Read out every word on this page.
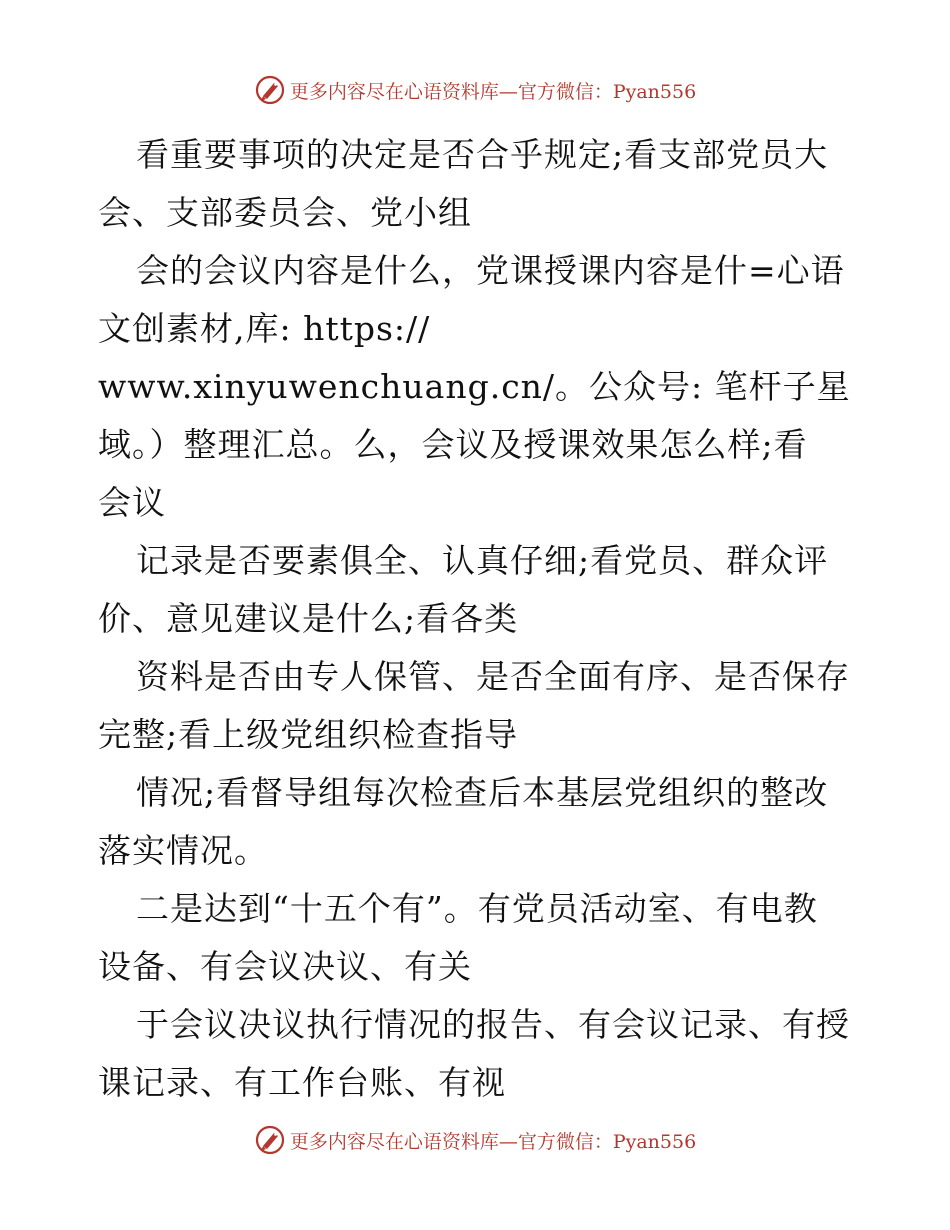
更多内容尽在心语资料库—官方微信：Pyan556
看重要事项的决定是否合乎规定;看支部党员大
会、支部委员会、党小组
会的会议内容是什么，党课授课内容是什=心语
文创素材,库: https://
www.xinyuwenchuang.cn/。公众号: 笔杆子星
域。）整理汇总。么，会议及授课效果怎么样;看
会议
记录是否要素俱全、认真仔细;看党员、群众评
价、意见建议是什么;看各类
资料是否由专人保管、是否全面有序、是否保存
完整;看上级党组织检查指导
情况;看督导组每次检查后本基层党组织的整改
落实情况。
二是达到“十五个有”。有党员活动室、有电教
设备、有会议决议、有关
于会议决议执行情况的报告、有会议记录、有授
课记录、有工作台账、有视
更多内容尽在心语资料库—官方微信：Pyan556
